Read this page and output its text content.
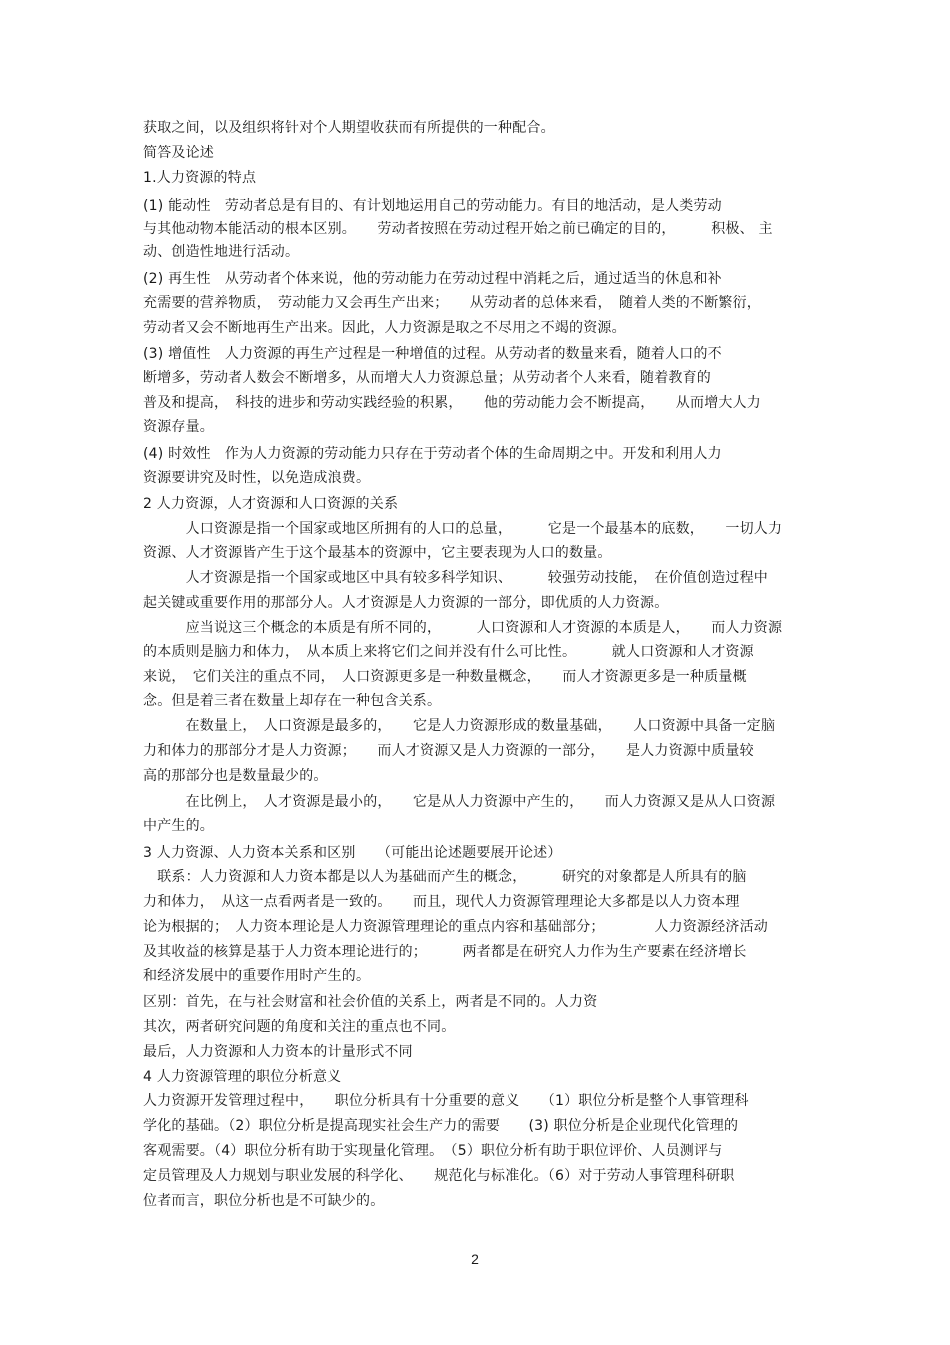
获取之间，以及组织将针对个人期望收获而有所提供的一种配合。
简答及论述
1.人力资源的特点
(1) 能动性　劳动者总是有目的、有计划地运用自己的劳动能力。有目的地活动，是人类劳动
与其他动物本能活动的根本区别。　　劳动者按照在劳动过程开始之前已确定的目的，　　　积极、 主
动、创造性地进行活动。
(2) 再生性　从劳动者个体来说，他的劳动能力在劳动过程中消耗之后，通过适当的休息和补
充需要的营养物质，　劳动能力又会再生产出来；　　从劳动者的总体来看，　随着人类的不断繁衍，
劳动者又会不断地再生产出来。因此，人力资源是取之不尽用之不竭的资源。
(3) 增值性　人力资源的再生产过程是一种增值的过程。从劳动者的数量来看，随着人口的不
断增多，劳动者人数会不断增多，从而增大人力资源总量；从劳动者个人来看，随着教育的
普及和提高，　科技的进步和劳动实践经验的积累，　　他的劳动能力会不断提高，　　从而增大人力
资源存量。
(4) 时效性　作为人力资源的劳动能力只存在于劳动者个体的生命周期之中。开发和利用人力
资源要讲究及时性，以免造成浪费。
2 人力资源，人才资源和人口资源的关系
　　　人口资源是指一个国家或地区所拥有的人口的总量，　　　它是一个最基本的底数，　　一切人力
资源、人才资源皆产生于这个最基本的资源中，它主要表现为人口的数量。
　　　人才资源是指一个国家或地区中具有较多科学知识、　　　较强劳动技能，　在价值创造过程中
起关键或重要作用的那部分人。人才资源是人力资源的一部分，即优质的人力资源。
　　　应当说这三个概念的本质是有所不同的，　　　人口资源和人才资源的本质是人，　　而人力资源
的本质则是脑力和体力，　从本质上来将它们之间并没有什么可比性。　　　就人口资源和人才资源
来说，　它们关注的重点不同，　人口资源更多是一种数量概念，　　而人才资源更多是一种质量概
念。但是着三者在数量上却存在一种包含关系。
　　　在数量上，　人口资源是最多的，　　它是人力资源形成的数量基础，　　人口资源中具备一定脑
力和体力的那部分才是人力资源；　　而人才资源又是人力资源的一部分，　　是人力资源中质量较
高的那部分也是数量最少的。
　　　在比例上，　人才资源是最小的，　　它是从人力资源中产生的，　　而人力资源又是从人口资源
中产生的。
3 人力资源、人力资本关系和区别　　（可能出论述题要展开论述）
　联系：人力资源和人力资本都是以人为基础而产生的概念，　　　研究的对象都是人所具有的脑
力和体力，　从这一点看两者是一致的。　　而且，现代人力资源管理理论大多都是以人力资本理
论为根据的；　人力资本理论是人力资源管理理论的重点内容和基础部分；　　　　人力资源经济活动
及其收益的核算是基于人力资本理论进行的；　　　两者都是在研究人力作为生产要素在经济增长
和经济发展中的重要作用时产生的。
区别：首先，在与社会财富和社会价值的关系上，两者是不同的。人力资
其次，两者研究问题的角度和关注的重点也不同。
最后，人力资源和人力资本的计量形式不同
4 人力资源管理的职位分析意义
人力资源开发管理过程中，　　职位分析具有十分重要的意义　　（1）职位分析是整个人事管理科
学化的基础。（2）职位分析是提高现实社会生产力的需要　　(3) 职位分析是企业现代化管理的
客观需要。（4）职位分析有助于实现量化管理。　（5）职位分析有助于职位评价、人员测评与
定员管理及人力规划与职业发展的科学化、　　规范化与标准化。（6）对于劳动人事管理科研职
位者而言，职位分析也是不可缺少的。
2
